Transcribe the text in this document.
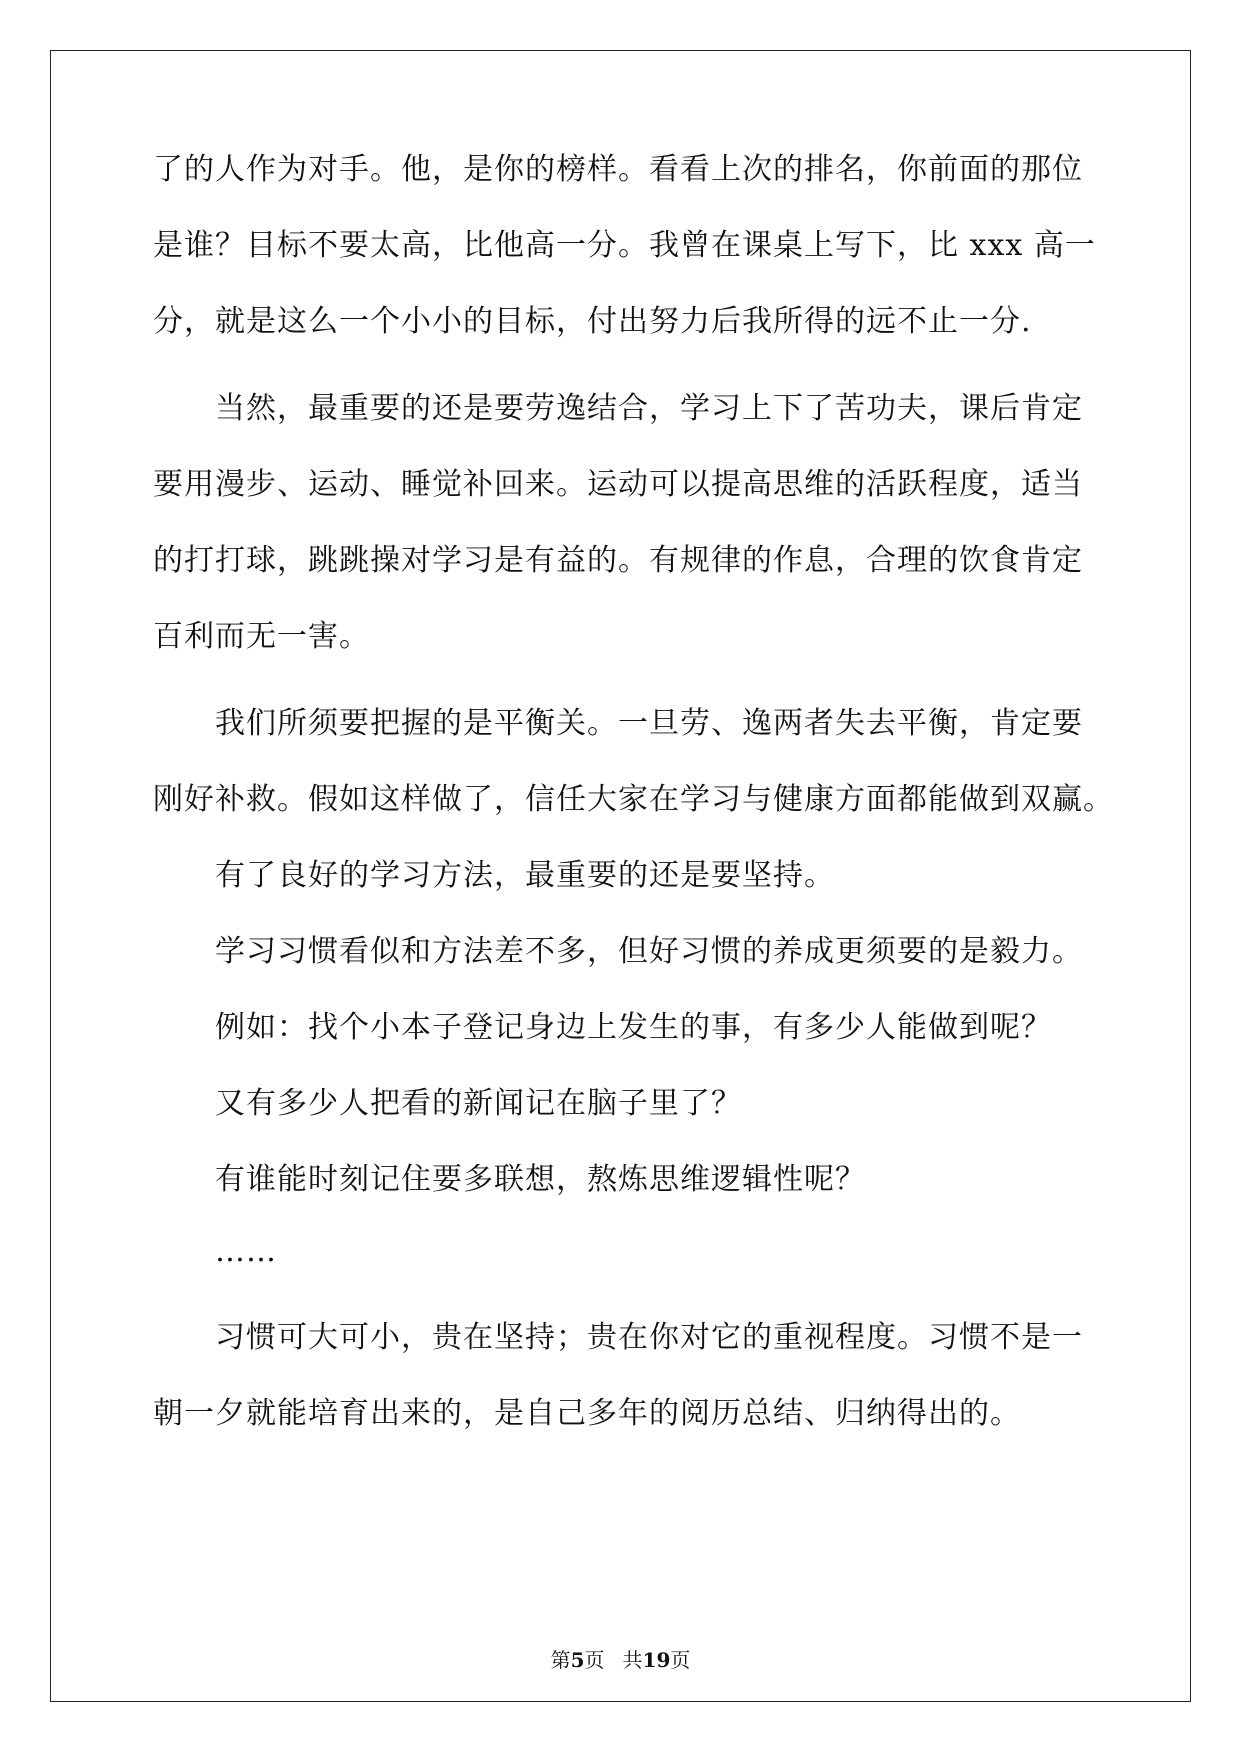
了的人作为对手。他，是你的榜样。看看上次的排名，你前面的那位
是谁？目标不要太高，比他高一分。我曾在课桌上写下，比 xxx 高一
分，就是这么一个小小的目标，付出努力后我所得的远不止一分.
当然，最重要的还是要劳逸结合，学习上下了苦功夫，课后肯定
要用漫步、运动、睡觉补回来。运动可以提高思维的活跃程度，适当
的打打球，跳跳操对学习是有益的。有规律的作息，合理的饮食肯定
百利而无一害。
我们所须要把握的是平衡关。一旦劳、逸两者失去平衡，肯定要
刚好补救。假如这样做了，信任大家在学习与健康方面都能做到双赢。
有了良好的学习方法，最重要的还是要坚持。
学习习惯看似和方法差不多，但好习惯的养成更须要的是毅力。
例如：找个小本子登记身边上发生的事，有多少人能做到呢？
又有多少人把看的新闻记在脑子里了？
有谁能时刻记住要多联想，熬炼思维逻辑性呢？
……
习惯可大可小，贵在坚持；贵在你对它的重视程度。习惯不是一
朝一夕就能培育出来的，是自己多年的阅历总结、归纳得出的。
第5页 共19页
